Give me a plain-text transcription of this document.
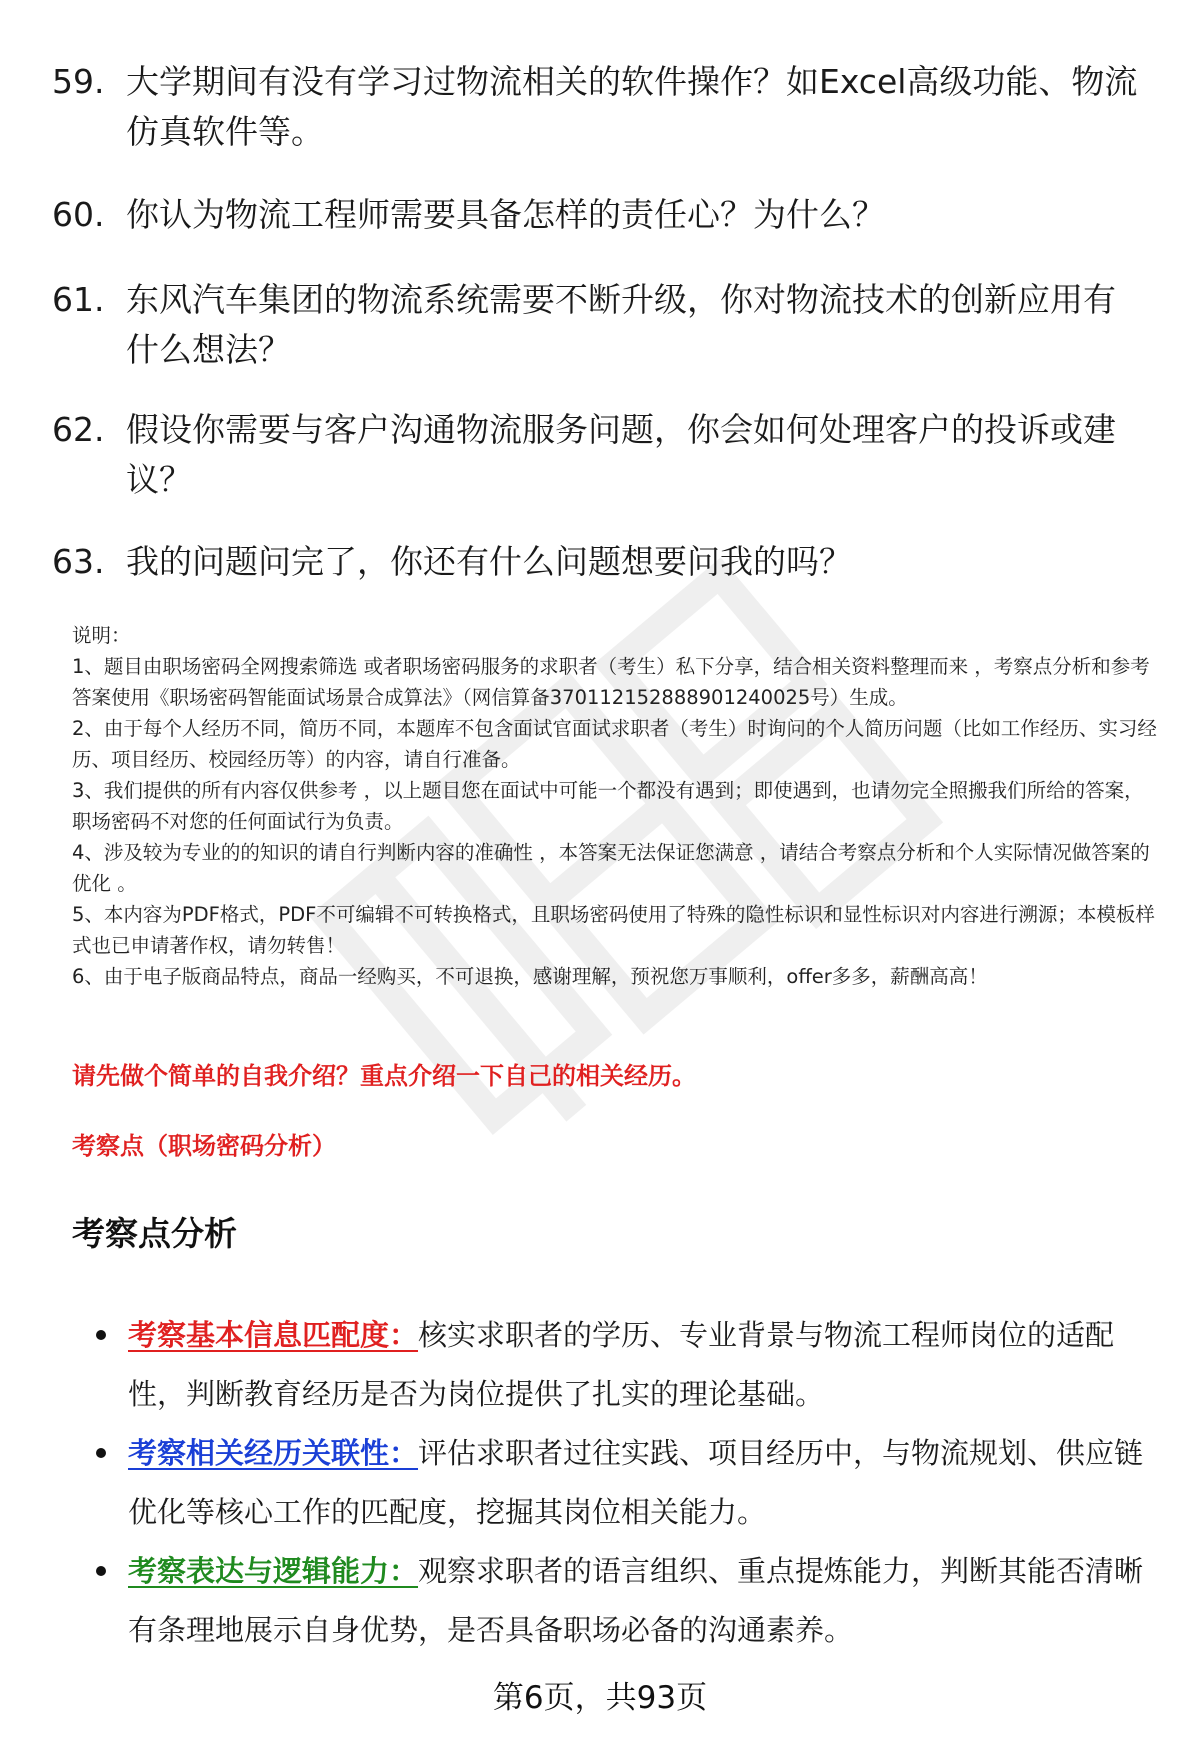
59. 大学期间有没有学习过物流相关的软件操作？如Excel高级功能、物流仿真软件等。
60. 你认为物流工程师需要具备怎样的责任心？为什么？
61. 东风汽车集团的物流系统需要不断升级，你对物流技术的创新应用有什么想法？
62. 假设你需要与客户沟通物流服务问题，你会如何处理客户的投诉或建议？
63. 我的问题问完了，你还有什么问题想要问我的吗？
说明：
1、题目由职场密码全网搜索筛选 或者职场密码服务的求职者（考生）私下分享，结合相关资料整理而来 ，考察点分析和参考答案使用《职场密码智能面试场景合成算法》（网信算备370112152888901240025号）生成。
2、由于每个人经历不同，简历不同，本题库不包含面试官面试求职者（考生）时询问的个人简历问题（比如工作经历、实习经历、项目经历、校园经历等）的内容，请自行准备。
3、我们提供的所有内容仅供参考 ，以上题目您在面试中可能一个都没有遇到；即使遇到，也请勿完全照搬我们所给的答案，职场密码不对您的任何面试行为负责。
4、涉及较为专业的的知识的请自行判断内容的准确性 ，本答案无法保证您满意 ，请结合考察点分析和个人实际情况做答案的优化 。
5、本内容为PDF格式，PDF不可编辑不可转换格式，且职场密码使用了特殊的隐性标识和显性标识对内容进行溯源；本模板样式也已申请著作权，请勿转售！
6、由于电子版商品特点，商品一经购买，不可退换，感谢理解，预祝您万事顺利，offer多多，薪酬高高！
请先做个简单的自我介绍？重点介绍一下自己的相关经历。
考察点（职场密码分析）
考察点分析
考察基本信息匹配度：核实求职者的学历、专业背景与物流工程师岗位的适配性，判断教育经历是否为岗位提供了扎实的理论基础。
考察相关经历关联性：评估求职者过往实践、项目经历中，与物流规划、供应链优化等核心工作的匹配度，挖掘其岗位相关能力。
考察表达与逻辑能力：观察求职者的语言组织、重点提炼能力，判断其能否清晰有条理地展示自身优势，是否具备职场必备的沟通素养。
第6页，共93页
